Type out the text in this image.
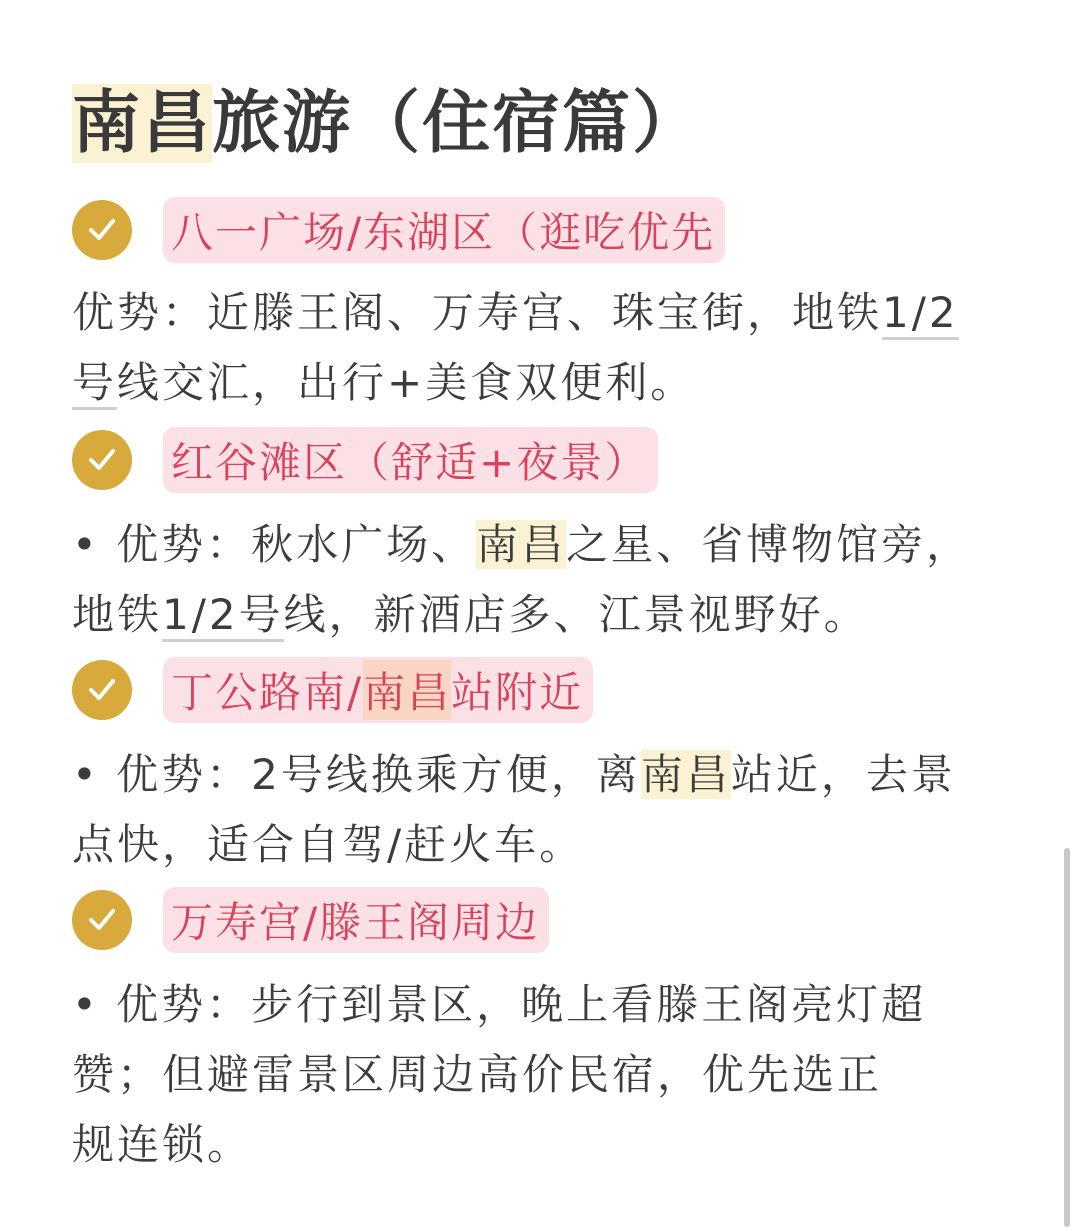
南昌旅游（住宿篇）
八一广场/东湖区（逛吃优先
优势：近滕王阁、万寿宫、珠宝街，地铁1/2
号线交汇，出行+美食双便利。
红谷滩区（舒适+夜景）
• 优势：秋水广场、南昌之星、省博物馆旁，
地铁1/2号线，新酒店多、江景视野好。
丁公路南/ 南昌 站附近
• 优势：2号线换乘方便，离南昌站近，去景
点快，适合自驾/赶火车。
万寿宫/滕王阁周边
• 优势：步行到景区，晚上看滕王阁亮灯超
赞；但避雷景区周边高价民宿，优先选正
规连锁。
